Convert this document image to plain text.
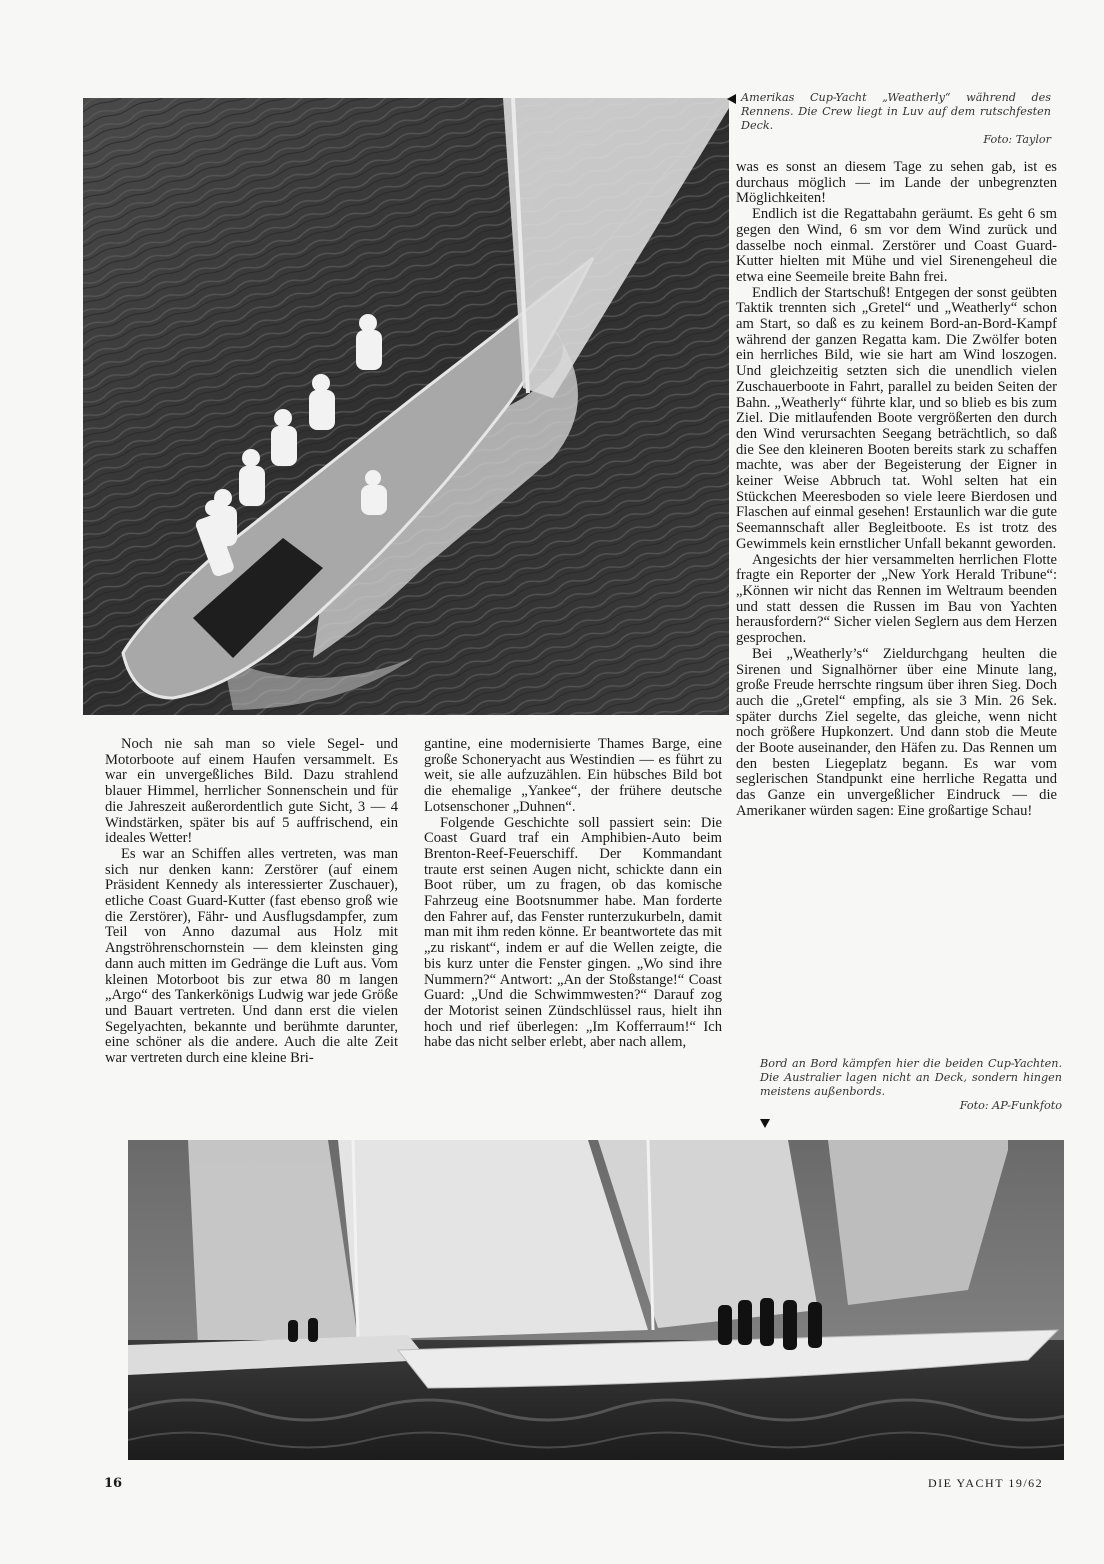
Amerikas Cup-Yacht „Weatherly“ während des Rennens. Die Crew liegt in Luv auf dem rutschfesten Deck.
Foto: Taylor

Noch nie sah man so viele Segel- und Motorboote auf einem Haufen versammelt. Es war ein unvergeßliches Bild. Dazu strahlend blauer Himmel, herrlicher Sonnenschein und für die Jahreszeit außerordentlich gute Sicht, 3 — 4 Windstärken, später bis auf 5 auffrischend, ein ideales Wetter!

Es war an Schiffen alles vertreten, was man sich nur denken kann: Zerstörer (auf einem Präsident Kennedy als interessierter Zuschauer), etliche Coast Guard-Kutter (fast ebenso groß wie die Zerstörer), Fähr- und Ausflugsdampfer, zum Teil von Anno dazumal aus Holz mit Angströhrenschornstein — dem kleinsten ging dann auch mitten im Gedränge die Luft aus. Vom kleinen Motorboot bis zur etwa 80 m langen „Argo“ des Tankerkönigs Ludwig war jede Größe und Bauart vertreten. Und dann erst die vielen Segelyachten, bekannte und berühmte darunter, eine schöner als die andere. Auch die alte Zeit war vertreten durch eine kleine Bri-

gantine, eine modernisierte Thames Barge, eine große Schoneryacht aus Westindien — es führt zu weit, sie alle aufzuzählen. Ein hübsches Bild bot die ehemalige „Yankee“, der frühere deutsche Lotsenschoner „Duhnen“.

Folgende Geschichte soll passiert sein: Die Coast Guard traf ein Amphibien-Auto beim Brenton-Reef-Feuerschiff. Der Kommandant traute erst seinen Augen nicht, schickte dann ein Boot rüber, um zu fragen, ob das komische Fahrzeug eine Bootsnummer habe. Man forderte den Fahrer auf, das Fenster runterzukurbeln, damit man mit ihm reden könne. Er beantwortete das mit „zu riskant“, indem er auf die Wellen zeigte, die bis kurz unter die Fenster gingen. „Wo sind ihre Nummern?“ Antwort: „An der Stoßstange!“ Coast Guard: „Und die Schwimmwesten?“ Darauf zog der Motorist seinen Zündschlüssel raus, hielt ihn hoch und rief überlegen: „Im Kofferraum!“ Ich habe das nicht selber erlebt, aber nach allem,

was es sonst an diesem Tage zu sehen gab, ist es durchaus möglich — im Lande der unbegrenzten Möglichkeiten!

Endlich ist die Regattabahn geräumt. Es geht 6 sm gegen den Wind, 6 sm vor dem Wind zurück und dasselbe noch einmal. Zerstörer und Coast Guard-Kutter hielten mit Mühe und viel Sirenengeheul die etwa eine Seemeile breite Bahn frei.

Endlich der Startschuß! Entgegen der sonst geübten Taktik trennten sich „Gretel“ und „Weatherly“ schon am Start, so daß es zu keinem Bord-an-Bord-Kampf während der ganzen Regatta kam. Die Zwölfer boten ein herrliches Bild, wie sie hart am Wind loszogen. Und gleichzeitig setzten sich die unendlich vielen Zuschauerboote in Fahrt, parallel zu beiden Seiten der Bahn. „Weatherly“ führte klar, und so blieb es bis zum Ziel. Die mitlaufenden Boote vergrößerten den durch den Wind verursachten Seegang beträchtlich, so daß die See den kleineren Booten bereits stark zu schaffen machte, was aber der Begeisterung der Eigner in keiner Weise Abbruch tat. Wohl selten hat ein Stückchen Meeresboden so viele leere Bierdosen und Flaschen auf einmal gesehen! Erstaunlich war die gute Seemannschaft aller Begleitboote. Es ist trotz des Gewimmels kein ernstlicher Unfall bekannt geworden.

Angesichts der hier versammelten herrlichen Flotte fragte ein Reporter der „New York Herald Tribune“: „Können wir nicht das Rennen im Weltraum beenden und statt dessen die Russen im Bau von Yachten herausfordern?“ Sicher vielen Seglern aus dem Herzen gesprochen.

Bei „Weatherly’s“ Zieldurchgang heulten die Sirenen und Signalhörner über eine Minute lang, große Freude herrschte ringsum über ihren Sieg. Doch auch die „Gretel“ empfing, als sie 3 Min. 26 Sek. später durchs Ziel segelte, das gleiche, wenn nicht noch größere Hupkonzert. Und dann stob die Meute der Boote auseinander, den Häfen zu. Das Rennen um den besten Liegeplatz begann. Es war vom seglerischen Standpunkt eine herrliche Regatta und das Ganze ein unvergeßlicher Eindruck — die Amerikaner würden sagen: Eine großartige Schau!

Bord an Bord kämpfen hier die beiden Cup-Yachten. Die Australier lagen nicht an Deck, sondern hingen meistens außenbords.
Foto: AP-Funkfoto
16	DIE YACHT 19/62
